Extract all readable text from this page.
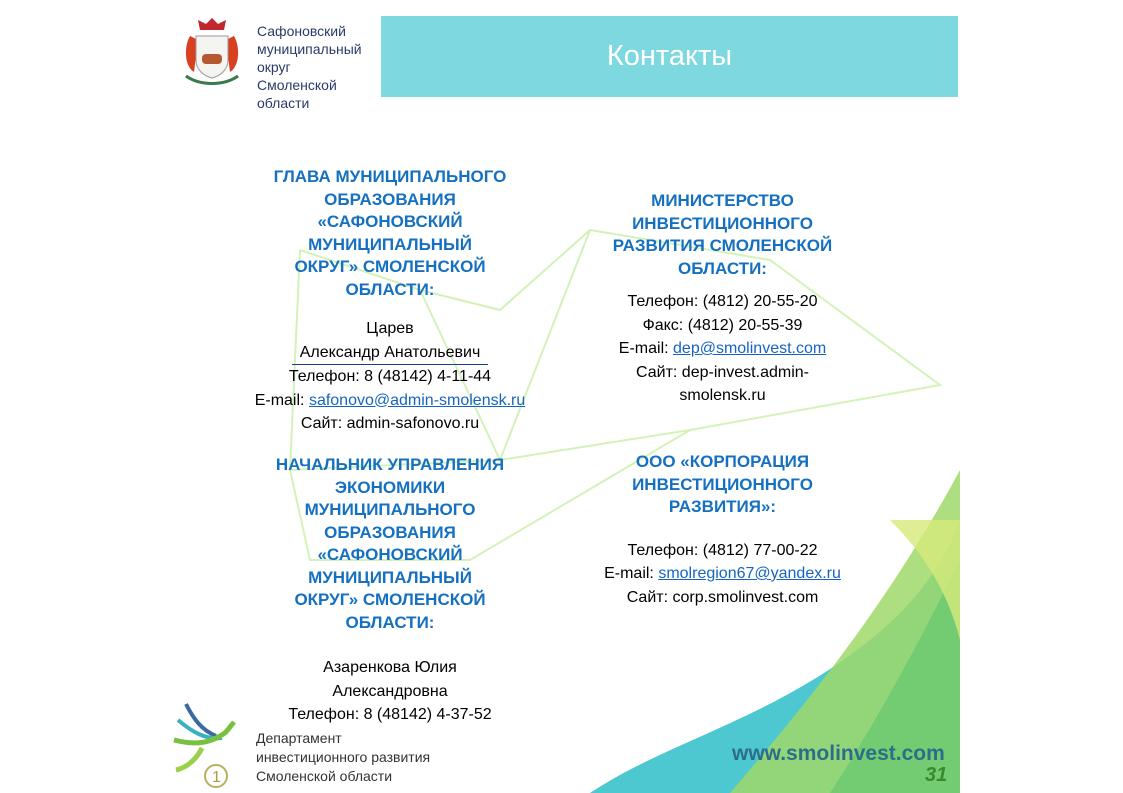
Сафоновский
муниципальный
округ
Смоленской
области
Контакты
ГЛАВА МУНИЦИПАЛЬНОГО
ОБРАЗОВАНИЯ
«САФОНОВСКИЙ
МУНИЦИПАЛЬНЫЙ
ОКРУГ» СМОЛЕНСКОЙ
ОБЛАСТИ:
Царев
Александр Анатольевич
Телефон: 8 (48142) 4-11-44
E-mail: safonovo@admin-smolensk.ru
Сайт: admin-safonovo.ru
НАЧАЛЬНИК УПРАВЛЕНИЯ
ЭКОНОМИКИ
МУНИЦИПАЛЬНОГО
ОБРАЗОВАНИЯ
«САФОНОВСКИЙ
МУНИЦИПАЛЬНЫЙ
ОКРУГ» СМОЛЕНСКОЙ
ОБЛАСТИ:
Азаренкова Юлия
Александровна
Телефон: 8 (48142) 4-37-52
МИНИСТЕРСТВО
ИНВЕСТИЦИОННОГО
РАЗВИТИЯ СМОЛЕНСКОЙ
ОБЛАСТИ:
Телефон: (4812) 20-55-20
Факс: (4812) 20-55-39
E-mail: dep@smolinvest.com
Сайт: dep-invest.admin-
smolensk.ru
ООО «КОРПОРАЦИЯ
ИНВЕСТИЦИОННОГО
РАЗВИТИЯ»:
Телефон: (4812) 77-00-22
E-mail: smolregion67@yandex.ru
Сайт: corp.smolinvest.com
1
Департамент
инвестиционного развития
Смоленской области
www.smolinvest.com
31
